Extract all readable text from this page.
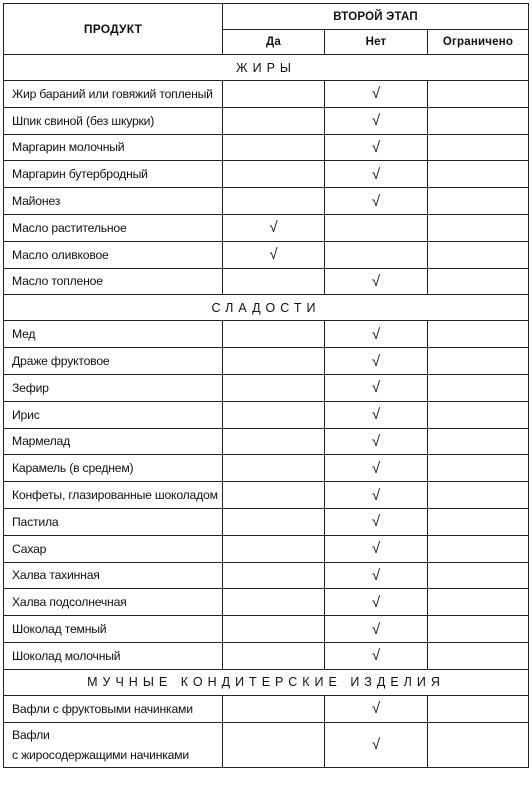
ПРОДУКТ	ВТОРОЙ ЭТАП		
	Да	Нет	Ограничено
ЖИРЫ			
Жир бараний или говяжий топленый		√	
Шпик свиной (без шкурки)		√	
Маргарин молочный		√	
Маргарин бутербродный		√	
Майонез		√	
Масло растительное	√		
Масло оливковое	√		
Масло топленое		√	
СЛАДОСТИ			
Мед		√	
Драже фруктовое		√	
Зефир		√	
Ирис		√	
Мармелад		√	
Карамель (в среднем)		√	
Конфеты, глазированные шоколадом		√	
Пастила		√	
Сахар		√	
Халва тахинная		√	
Халва подсолнечная		√	
Шоколад темный		√	
Шоколад молочный		√	
МУЧНЫЕ КОНДИТЕРСКИЕ ИЗДЕЛИЯ			
Вафли с фруктовыми начинками		√	
Вафли
с жиросодержащими начинками		√	
